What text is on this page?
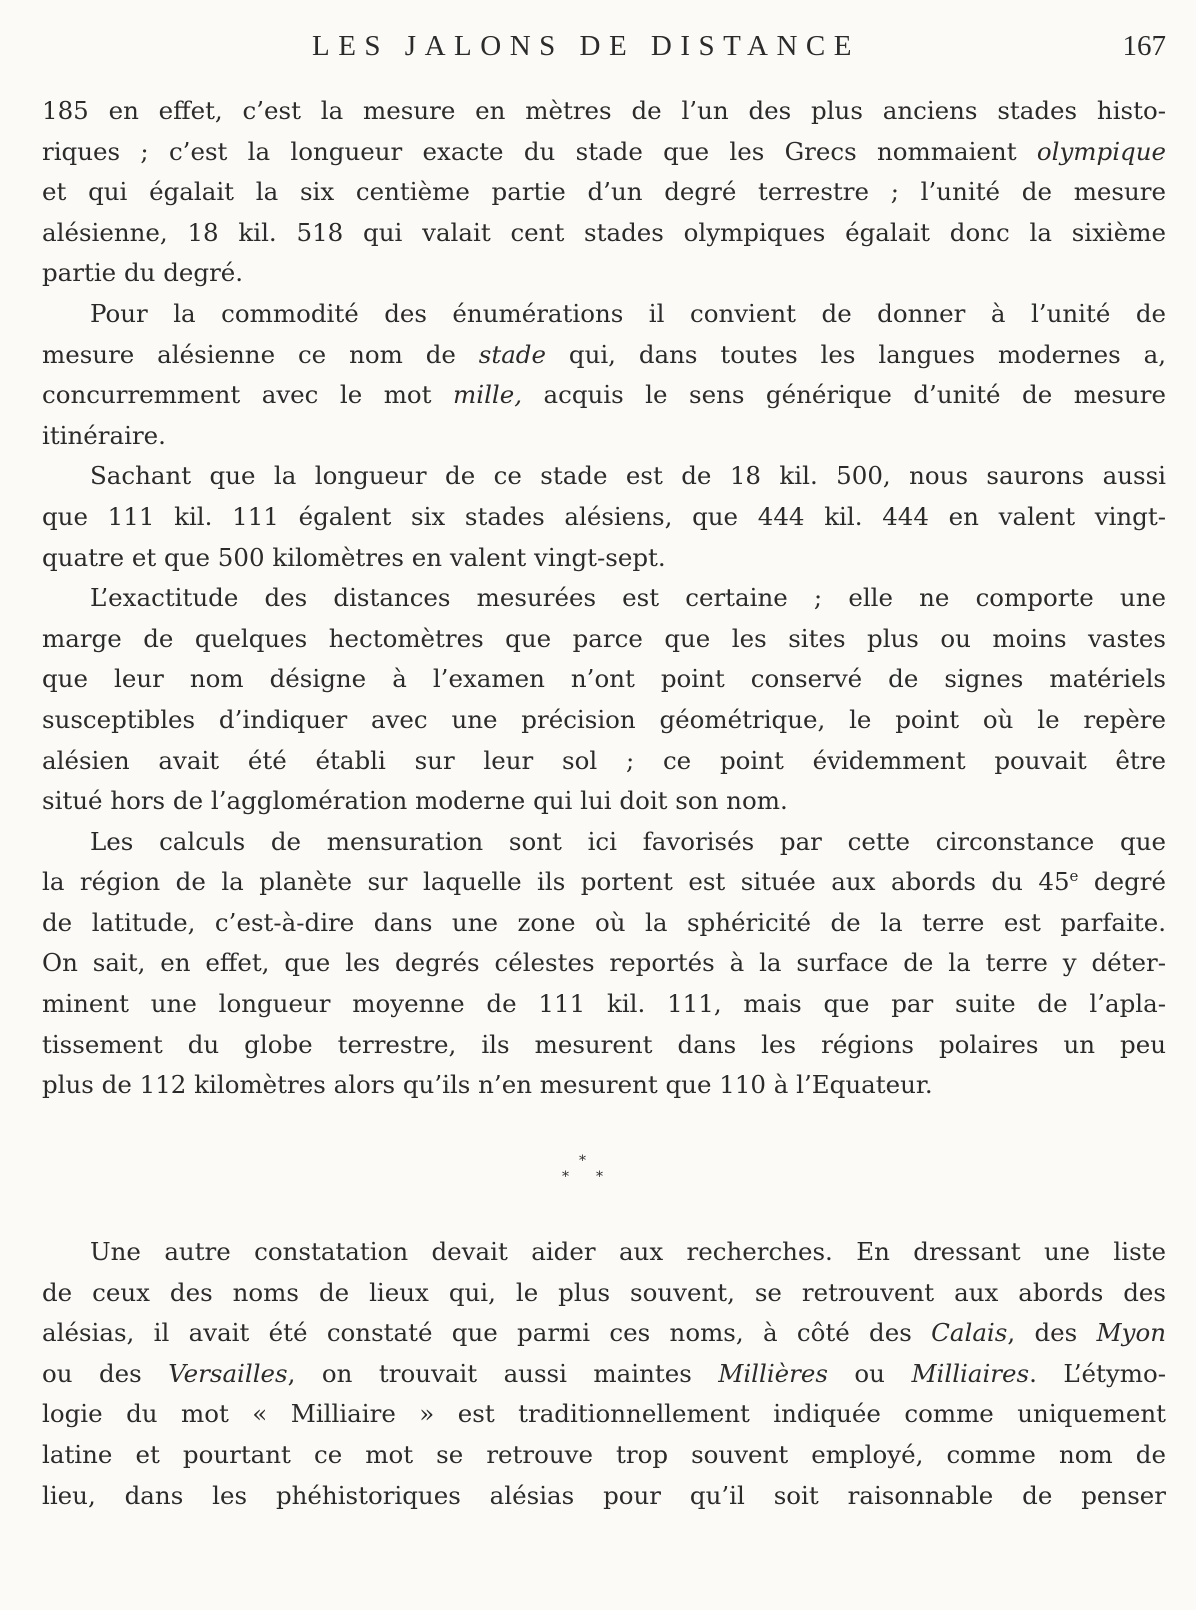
LES JALONS DE DISTANCE	167
185 en effet, c’est la mesure en mètres de l’un des plus anciens stades histo-
riques ; c’est la longueur exacte du stade que les Grecs nommaient olympique
et qui égalait la six centième partie d’un degré terrestre ; l’unité de mesure
alésienne, 18 kil. 518 qui valait cent stades olympiques égalait donc la sixième
partie du degré.
Pour la commodité des énumérations il convient de donner à l’unité de
mesure alésienne ce nom de stade qui, dans toutes les langues modernes a,
concurremment avec le mot mille, acquis le sens générique d’unité de mesure
itinéraire.
Sachant que la longueur de ce stade est de 18 kil. 500, nous saurons aussi
que 111 kil. 111 égalent six stades alésiens, que 444 kil. 444 en valent vingt-
quatre et que 500 kilomètres en valent vingt-sept.
L’exactitude des distances mesurées est certaine ; elle ne comporte une
marge de quelques hectomètres que parce que les sites plus ou moins vastes
que leur nom désigne à l’examen n’ont point conservé de signes matériels
susceptibles d’indiquer avec une précision géométrique, le point où le repère
alésien avait été établi sur leur sol ; ce point évidemment pouvait être
situé hors de l’agglomération moderne qui lui doit son nom.
Les calculs de mensuration sont ici favorisés par cette circonstance que
la région de la planète sur laquelle ils portent est située aux abords du 45e degré
de latitude, c’est-à-dire dans une zone où la sphéricité de la terre est parfaite.
On sait, en effet, que les degrés célestes reportés à la surface de la terre y déter-
minent une longueur moyenne de 111 kil. 111, mais que par suite de l’apla-
tissement du globe terrestre, ils mesurent dans les régions polaires un peu
plus de 112 kilomètres alors qu’ils n’en mesurent que 110 à l’Equateur.
*
* *
Une autre constatation devait aider aux recherches. En dressant une liste
de ceux des noms de lieux qui, le plus souvent, se retrouvent aux abords des
alésias, il avait été constaté que parmi ces noms, à côté des Calais, des Myon
ou des Versailles, on trouvait aussi maintes Millières ou Milliaires. L’étymo-
logie du mot « Milliaire » est traditionnellement indiquée comme uniquement
latine et pourtant ce mot se retrouve trop souvent employé, comme nom de
lieu, dans les phéhistoriques alésias pour qu’il soit raisonnable de penser
